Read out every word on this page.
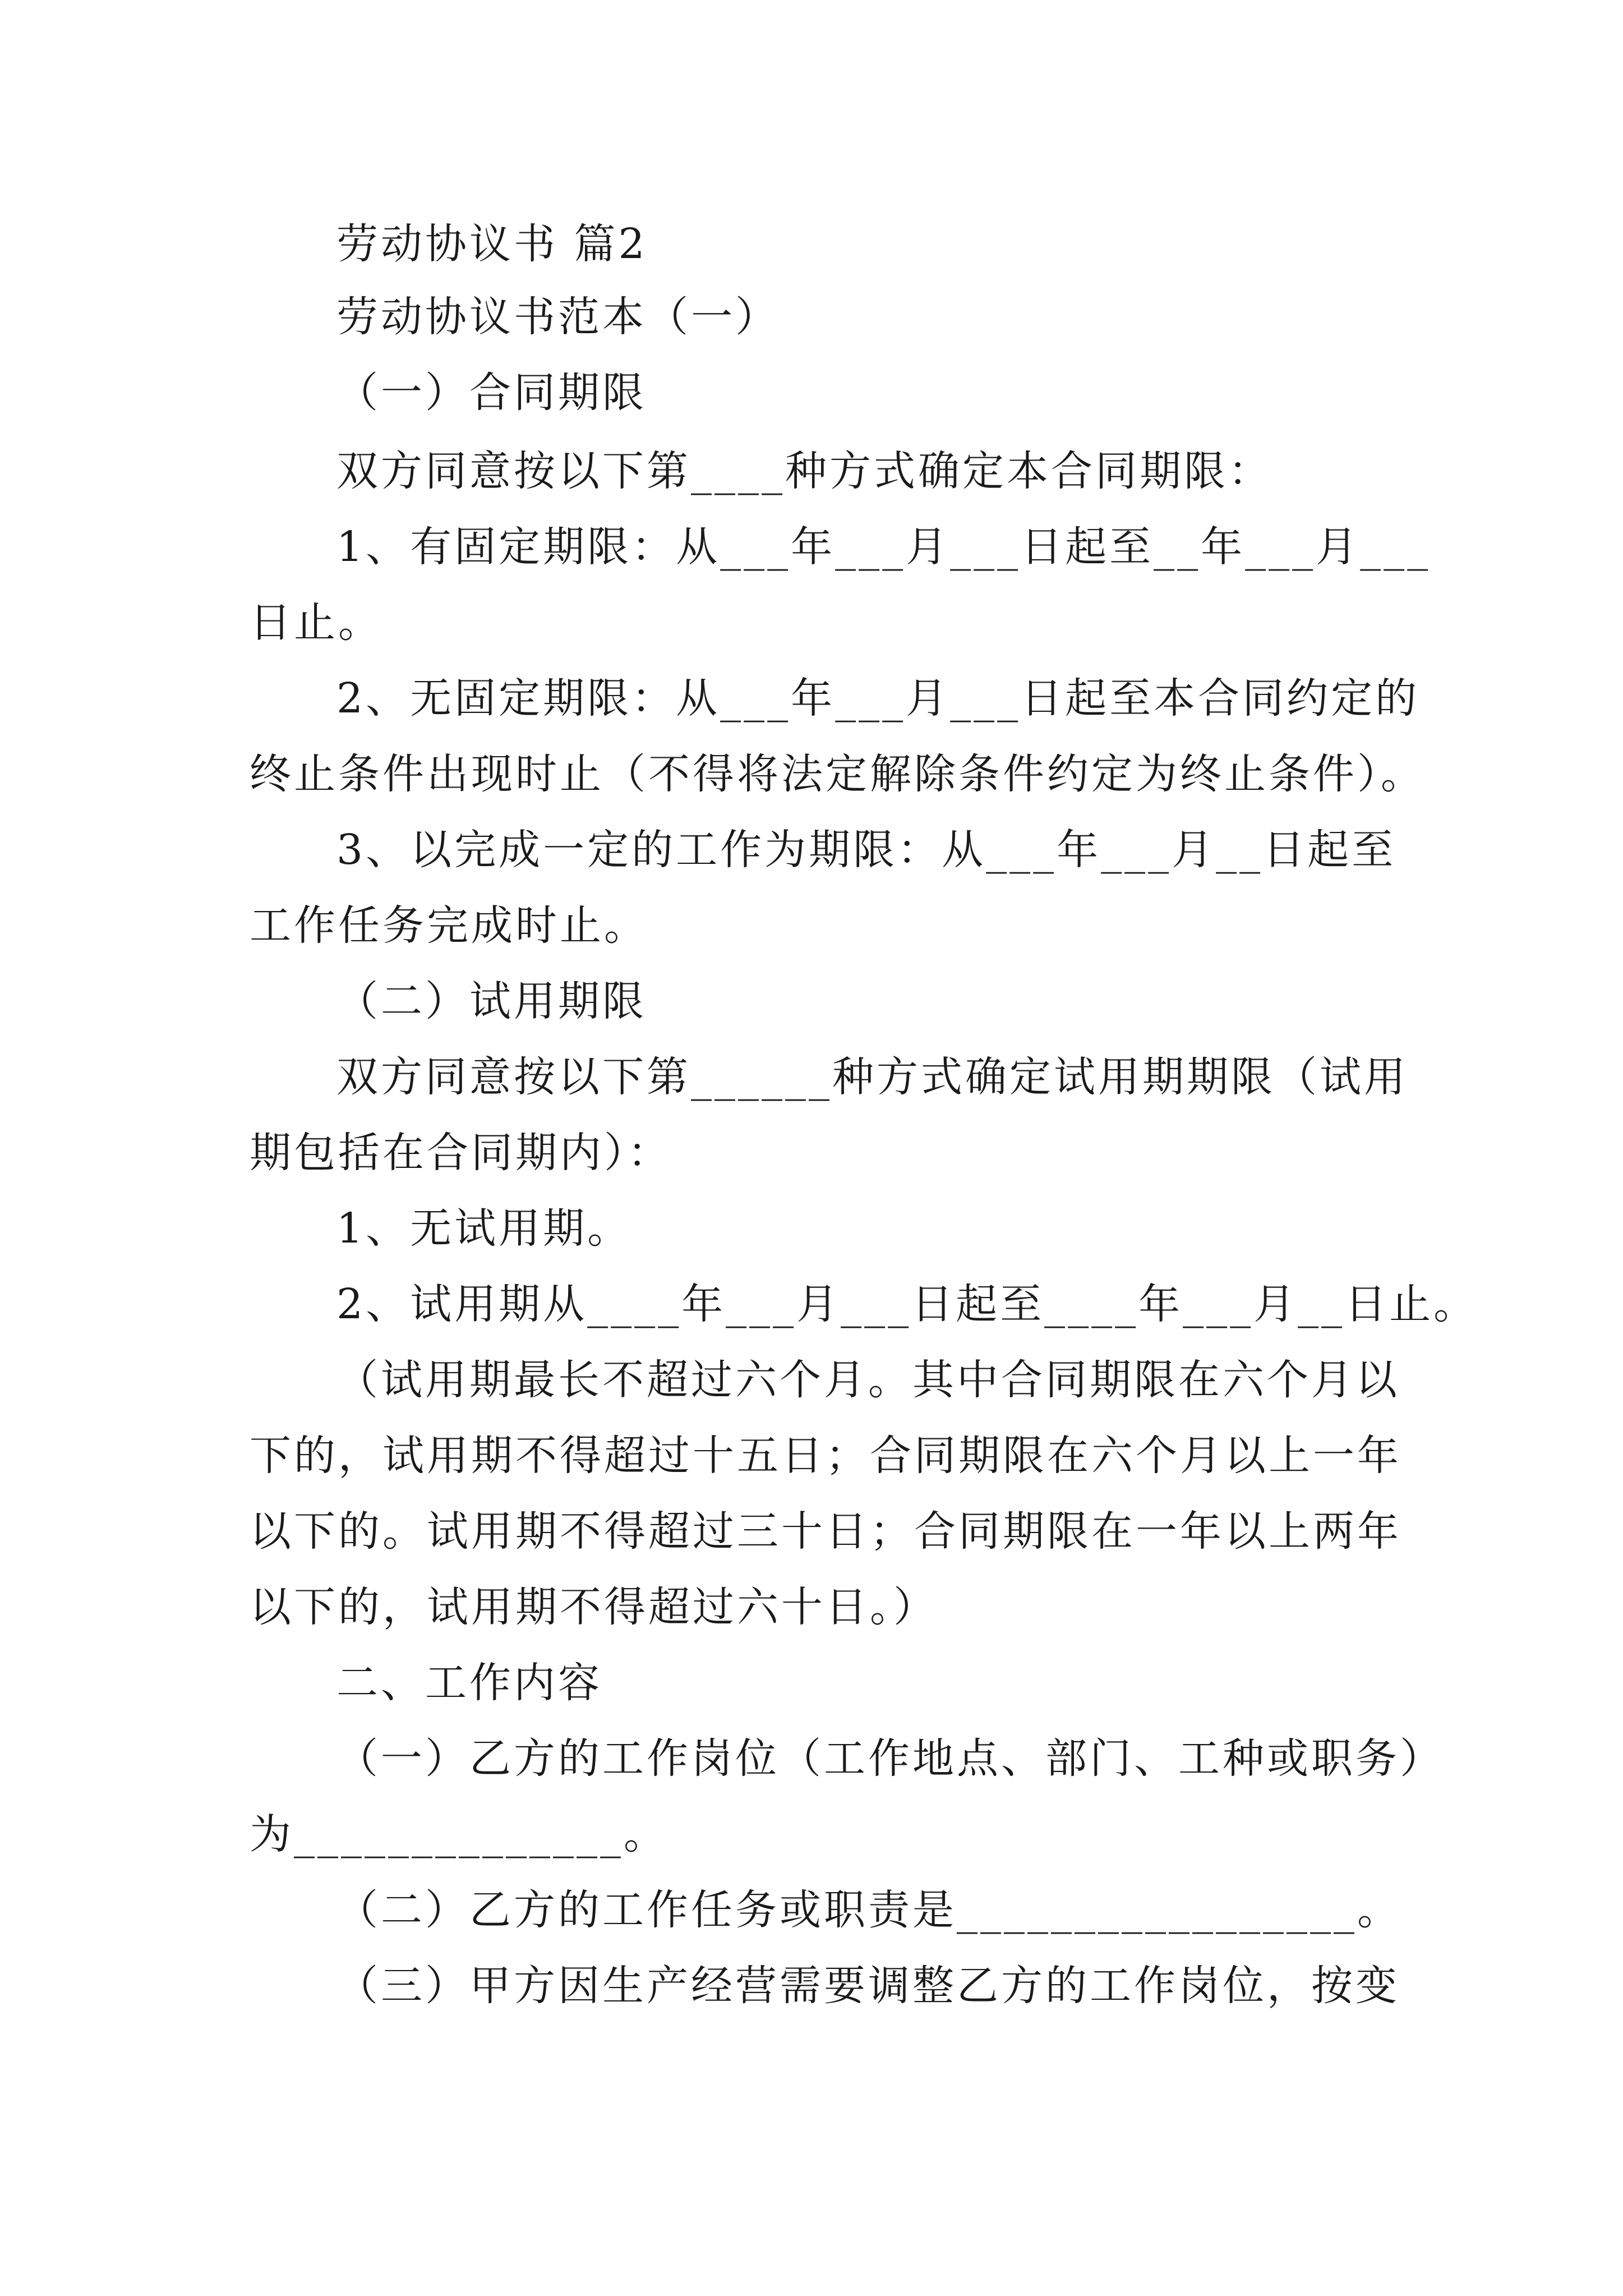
劳动协议书 篇2
劳动协议书范本（一）
（一）合同期限
双方同意按以下第____种方式确定本合同期限：
1、有固定期限：从___年___月___日起至__年___月___
日止。
2、无固定期限：从___年___月___日起至本合同约定的
终止条件出现时止（不得将法定解除条件约定为终止条件）。
3、以完成一定的工作为期限：从___年___月__日起至
工作任务完成时止。
（二）试用期限
双方同意按以下第______种方式确定试用期期限（试用
期包括在合同期内）：
1、无试用期。
2、试用期从____年___月___日起至____年___月__日止。
（试用期最长不超过六个月。其中合同期限在六个月以
下的，试用期不得超过十五日；合同期限在六个月以上一年
以下的。试用期不得超过三十日；合同期限在一年以上两年
以下的，试用期不得超过六十日。）
二、工作内容
（一）乙方的工作岗位（工作地点、部门、工种或职务）
为______________。
（二）乙方的工作任务或职责是_________________。
（三）甲方因生产经营需要调整乙方的工作岗位，按变
